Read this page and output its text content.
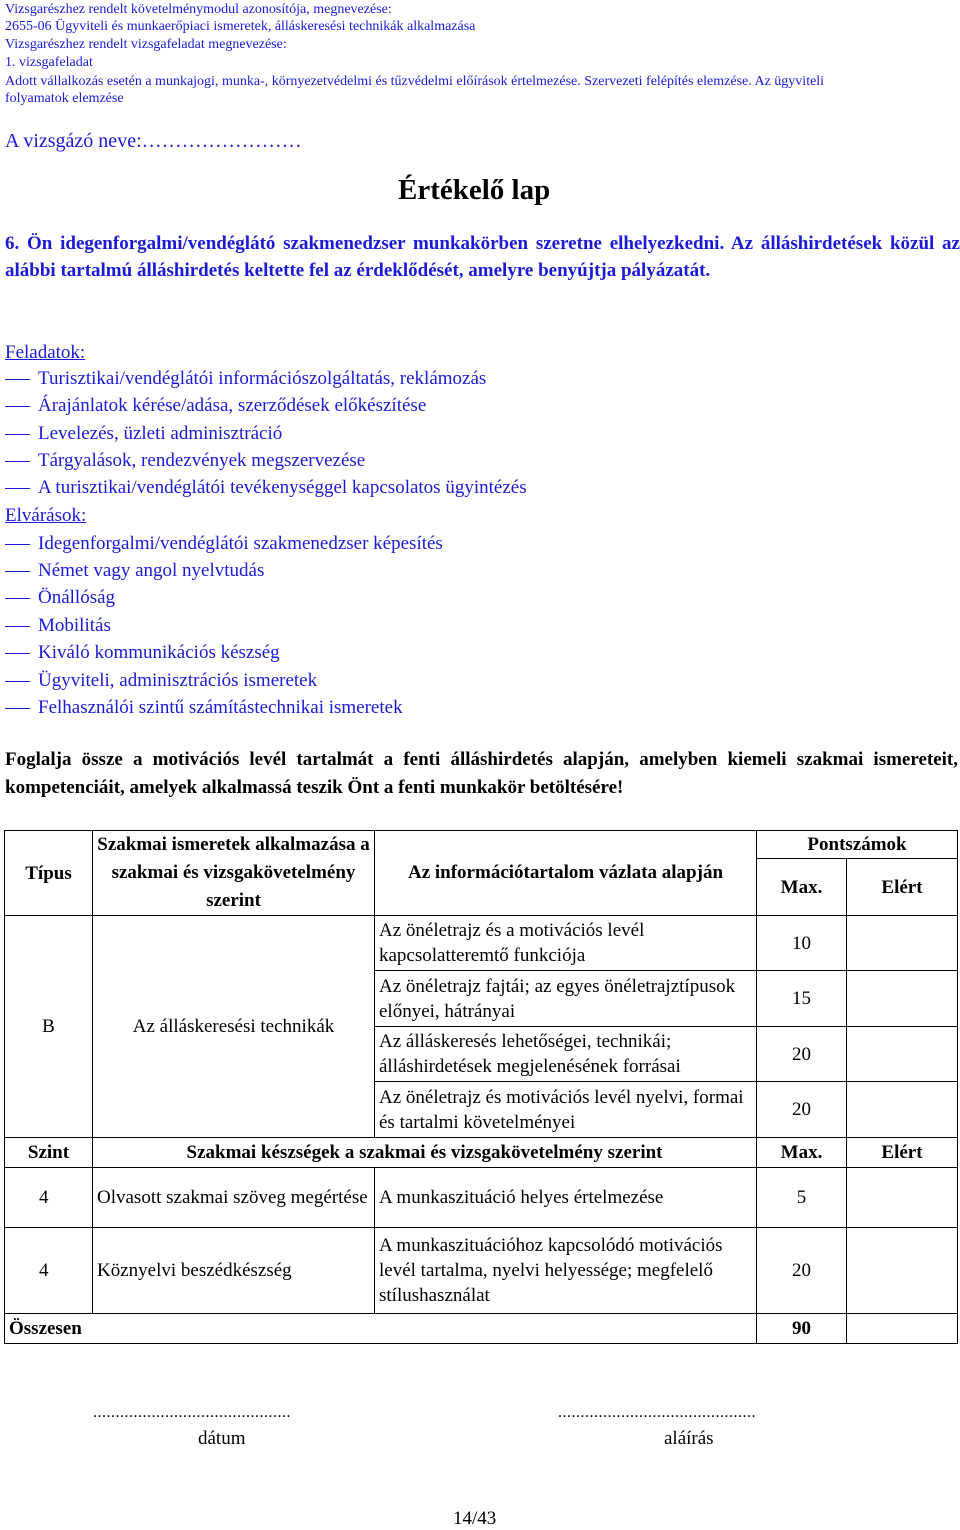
Vizsgarészhez rendelt követelménymodul azonosítója, megnevezése:
2655-06 Ügyviteli és munkaerőpiaci ismeretek, álláskeresési technikák alkalmazása
Vizsgarészhez rendelt vizsgafeladat megnevezése:
1. vizsgafeladat
Adott vállalkozás esetén a munkajogi, munka-, környezetvédelmi és tűzvédelmi előírások értelmezése. Szervezeti felépítés elemzése. Az ügyviteli
folyamatok elemzése
A vizsgázó neve:……………………
Értékelő lap
6. Ön idegenforgalmi/vendéglátó szakmenedzser munkakörben szeretne elhelyezkedni. Az álláshirdetések közül az alábbi tartalmú álláshirdetés keltette fel az érdeklődését, amelyre benyújtja pályázatát.
Feladatok:
Turisztikai/vendéglátói információszolgáltatás, reklámozás
Árajánlatok kérése/adása, szerződések előkészítése
Levelezés, üzleti adminisztráció
Tárgyalások, rendezvények megszervezése
A turisztikai/vendéglátói tevékenységgel kapcsolatos ügyintézés
Elvárások:
Idegenforgalmi/vendéglátói szakmenedzser képesítés
Német vagy angol nyelvtudás
Önállóság
Mobilitás
Kiváló kommunikációs készség
Ügyviteli, adminisztrációs ismeretek
Felhasználói szintű számítástechnikai ismeretek
Foglalja össze a motivációs levél tartalmát a fenti álláshirdetés alapján, amelyben kiemeli szakmai ismereteit, kompetenciáit, amelyek alkalmassá teszik Önt a fenti munkakör betöltésére!
Típus	Szakmai ismeretek alkalmazása a szakmai és vizsgakövetelmény szerint	Az információtartalom vázlata alapján	Pontszámok	
			Max.	Elért
B	Az álláskeresési technikák	Az önéletrajz és a motivációs levél kapcsolatteremtő funkciója	10	
		Az önéletrajz fajtái; az egyes önéletrajztípusok előnyei, hátrányai	15	
		Az álláskeresés lehetőségei, technikái; álláshirdetések megjelenésének forrásai	20	
		Az önéletrajz és motivációs levél nyelvi, formai és tartalmi követelményei	20	
Szint	Szakmai készségek a szakmai és vizsgakövetelmény szerint		Max.	Elért
4	Olvasott szakmai szöveg megértése	A munkaszituáció helyes értelmezése	5	
4	Köznyelvi beszédkészség	A munkaszituációhoz kapcsolódó motivációs levél tartalma, nyelvi helyessége; megfelelő stílushasználat	20	
Összesen			90	
............................................
dátum
............................................
aláírás
14/43
